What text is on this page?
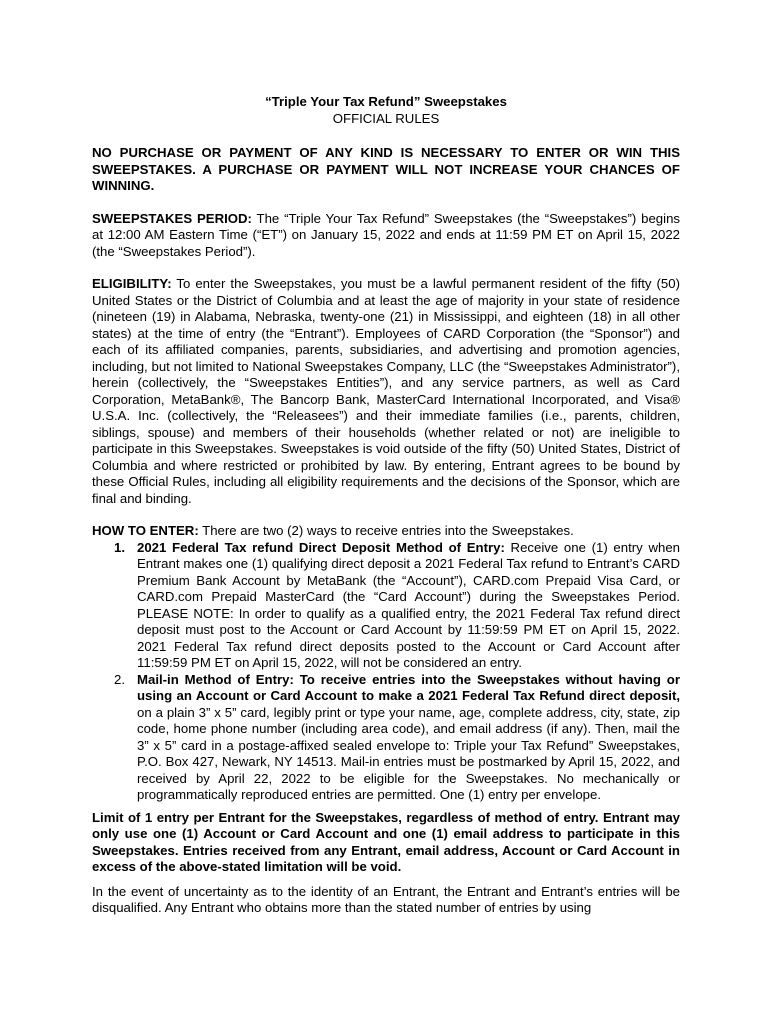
“Triple Your Tax Refund” Sweepstakes
OFFICIAL RULES

NO PURCHASE OR PAYMENT OF ANY KIND IS NECESSARY TO ENTER OR WIN THIS SWEEPSTAKES. A PURCHASE OR PAYMENT WILL NOT INCREASE YOUR CHANCES OF WINNING.

SWEEPSTAKES PERIOD: The “Triple Your Tax Refund” Sweepstakes (the “Sweepstakes”) begins at 12:00 AM Eastern Time (“ET”) on January 15, 2022 and ends at 11:59 PM ET on April 15, 2022 (the “Sweepstakes Period”).

ELIGIBILITY: To enter the Sweepstakes, you must be a lawful permanent resident of the fifty (50) United States or the District of Columbia and at least the age of majority in your state of residence (nineteen (19) in Alabama, Nebraska, twenty-one (21) in Mississippi, and eighteen (18) in all other states) at the time of entry (the “Entrant”). Employees of CARD Corporation (the “Sponsor”) and each of its affiliated companies, parents, subsidiaries, and advertising and promotion agencies, including, but not limited to National Sweepstakes Company, LLC (the “Sweepstakes Administrator”), herein (collectively, the “Sweepstakes Entities”), and any service partners, as well as Card Corporation, MetaBank®, The Bancorp Bank, MasterCard International Incorporated, and Visa® U.S.A. Inc. (collectively, the “Releasees”) and their immediate families (i.e., parents, children, siblings, spouse) and members of their households (whether related or not) are ineligible to participate in this Sweepstakes. Sweepstakes is void outside of the fifty (50) United States, District of Columbia and where restricted or prohibited by law. By entering, Entrant agrees to be bound by these Official Rules, including all eligibility requirements and the decisions of the Sponsor, which are final and binding.

HOW TO ENTER: There are two (2) ways to receive entries into the Sweepstakes.
1. 2021 Federal Tax refund Direct Deposit Method of Entry: Receive one (1) entry when Entrant makes one (1) qualifying direct deposit a 2021 Federal Tax refund to Entrant’s CARD Premium Bank Account by MetaBank (the “Account”), CARD.com Prepaid Visa Card, or CARD.com Prepaid MasterCard (the “Card Account”) during the Sweepstakes Period. PLEASE NOTE: In order to qualify as a qualified entry, the 2021 Federal Tax refund direct deposit must post to the Account or Card Account by 11:59:59 PM ET on April 15, 2022. 2021 Federal Tax refund direct deposits posted to the Account or Card Account after 11:59:59 PM ET on April 15, 2022, will not be considered an entry.
2. Mail-in Method of Entry: To receive entries into the Sweepstakes without having or using an Account or Card Account to make a 2021 Federal Tax Refund direct deposit, on a plain 3” x 5” card, legibly print or type your name, age, complete address, city, state, zip code, home phone number (including area code), and email address (if any). Then, mail the 3” x 5” card in a postage-affixed sealed envelope to: Triple your Tax Refund” Sweepstakes, P.O. Box 427, Newark, NY 14513. Mail-in entries must be postmarked by April 15, 2022, and received by April 22, 2022 to be eligible for the Sweepstakes. No mechanically or programmatically reproduced entries are permitted. One (1) entry per envelope.

Limit of 1 entry per Entrant for the Sweepstakes, regardless of method of entry. Entrant may only use one (1) Account or Card Account and one (1) email address to participate in this Sweepstakes. Entries received from any Entrant, email address, Account or Card Account in excess of the above-stated limitation will be void.

In the event of uncertainty as to the identity of an Entrant, the Entrant and Entrant’s entries will be disqualified. Any Entrant who obtains more than the stated number of entries by using
